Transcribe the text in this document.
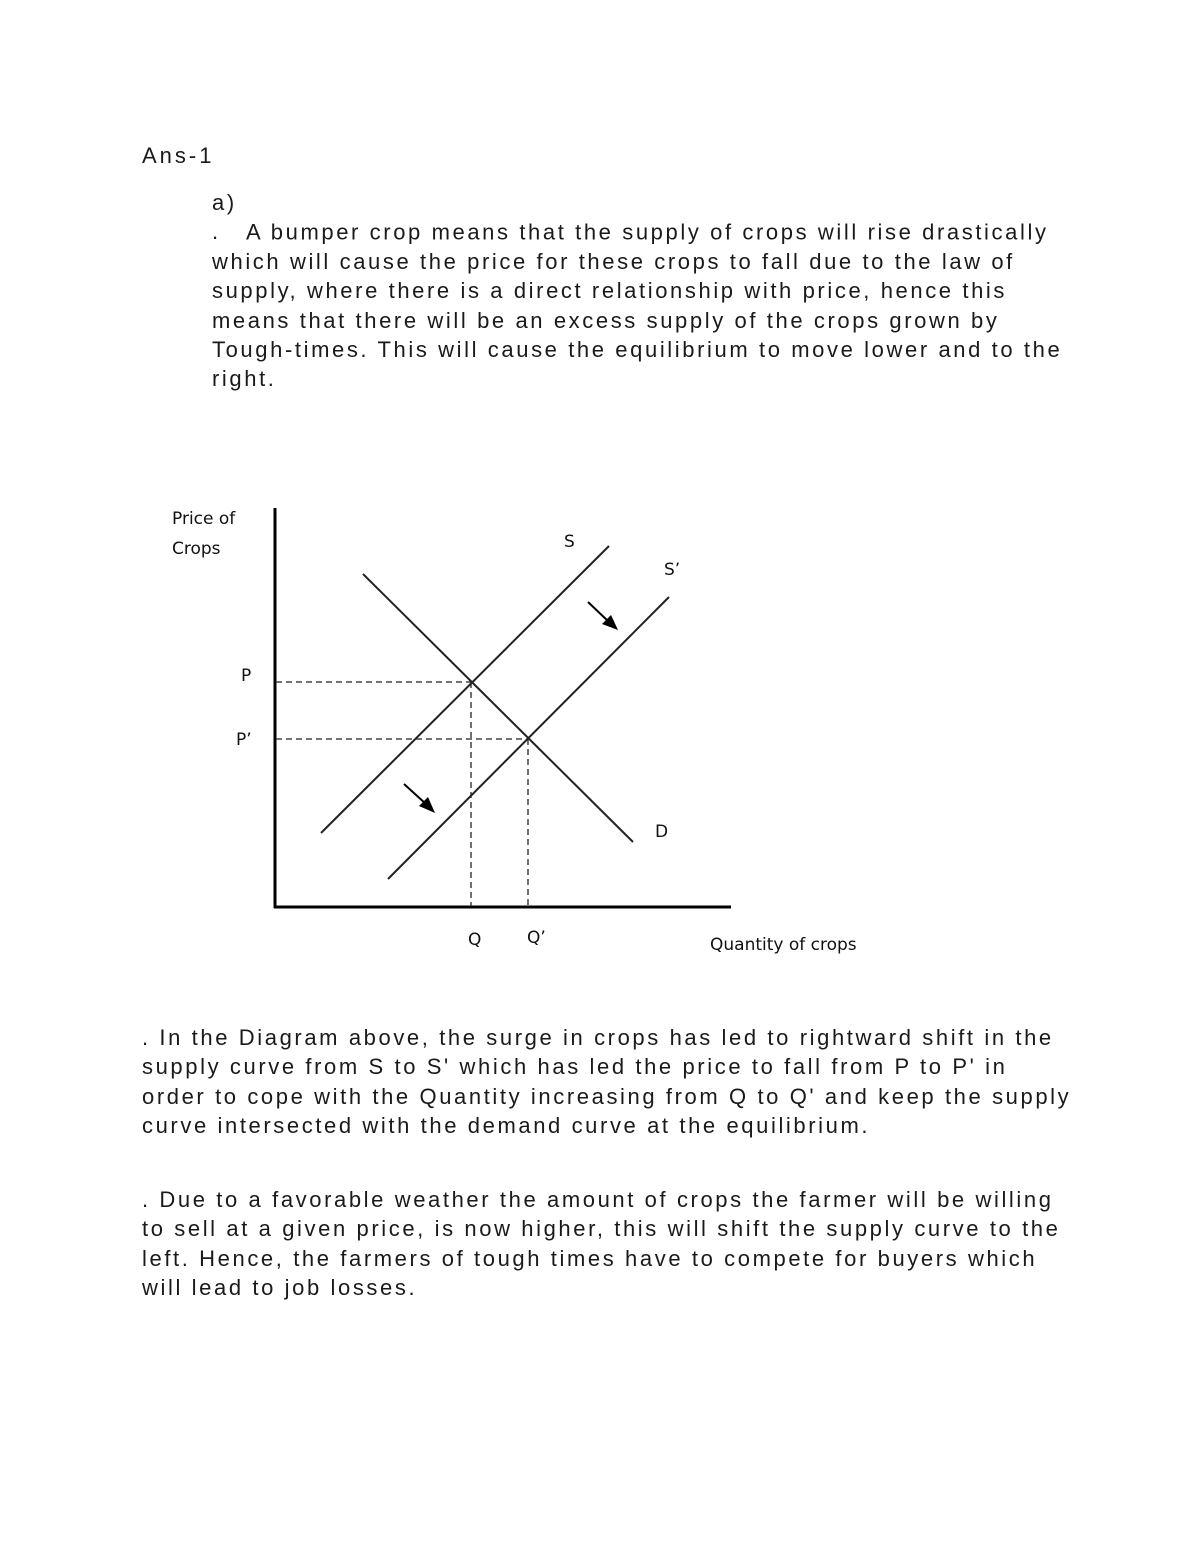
Ans-1
a) . A bumper crop means that the supply of crops will rise drastically which will cause the price for these crops to fall due to the law of supply, where there is a direct relationship with price, hence this means that there will be an excess supply of the crops grown by Tough-times. This will cause the equilibrium to move lower and to the right.
Price of
Crops	S
S’
D
P
P’
Q	Q’	Quantity of crops
. In the Diagram above, the surge in crops has led to rightward shift in the supply curve from S to S' which has led the price to fall from P to P' in order to cope with the Quantity increasing from Q to Q' and keep the supply curve intersected with the demand curve at the equilibrium.
. Due to a favorable weather the amount of crops the farmer will be willing to sell at a given price, is now higher, this will shift the supply curve to the left. Hence, the farmers of tough times have to compete for buyers which will lead to job losses.
